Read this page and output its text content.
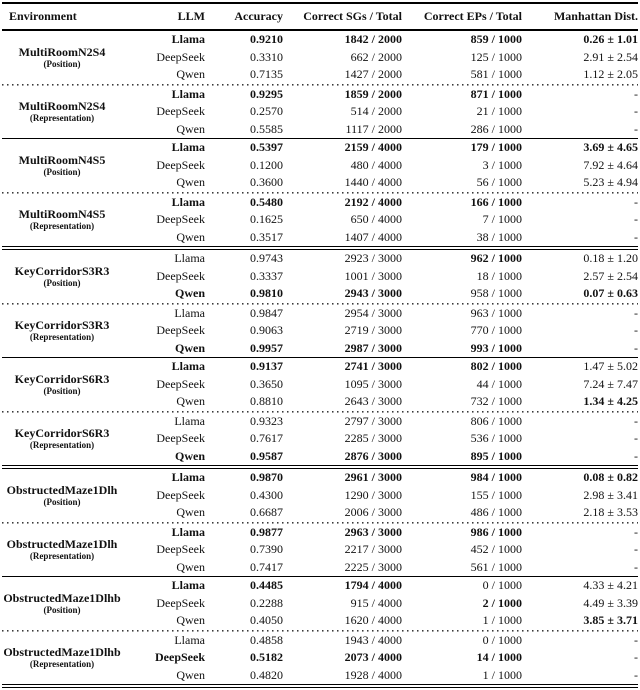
Environment	LLM	Accuracy	Correct SGs / Total	Correct EPs / Total	Manhattan Dist.

MultiRoomN2S4
(Position)	Llama	0.9210	1842 / 2000	859 / 1000	0.26 ± 1.01
	DeepSeek	0.3310	662 / 2000	125 / 1000	2.91 ± 2.54
	Qwen	0.7135	1427 / 2000	581 / 1000	1.12 ± 2.05

MultiRoomN2S4
(Representation)	Llama	0.9295	1859 / 2000	871 / 1000	-
	DeepSeek	0.2570	514 / 2000	21 / 1000	-
	Qwen	0.5585	1117 / 2000	286 / 1000	-

MultiRoomN4S5
(Position)	Llama	0.5397	2159 / 4000	179 / 1000	3.69 ± 4.65
	DeepSeek	0.1200	480 / 4000	3 / 1000	7.92 ± 4.64
	Qwen	0.3600	1440 / 4000	56 / 1000	5.23 ± 4.94

MultiRoomN4S5
(Representation)	Llama	0.5480	2192 / 4000	166 / 1000	-
	DeepSeek	0.1625	650 / 4000	7 / 1000	-
	Qwen	0.3517	1407 / 4000	38 / 1000	-

KeyCorridorS3R3
(Position)	Llama	0.9743	2923 / 3000	962 / 1000	0.18 ± 1.20
	DeepSeek	0.3337	1001 / 3000	18 / 1000	2.57 ± 2.54
	Qwen	0.9810	2943 / 3000	958 / 1000	0.07 ± 0.63

KeyCorridorS3R3
(Representation)	Llama	0.9847	2954 / 3000	963 / 1000	-
	DeepSeek	0.9063	2719 / 3000	770 / 1000	-
	Qwen	0.9957	2987 / 3000	993 / 1000	-

KeyCorridorS6R3
(Position)	Llama	0.9137	2741 / 3000	802 / 1000	1.47 ± 5.02
	DeepSeek	0.3650	1095 / 3000	44 / 1000	7.24 ± 7.47
	Qwen	0.8810	2643 / 3000	732 / 1000	1.34 ± 4.25

KeyCorridorS6R3
(Representation)	Llama	0.9323	2797 / 3000	806 / 1000	-
	DeepSeek	0.7617	2285 / 3000	536 / 1000	-
	Qwen	0.9587	2876 / 3000	895 / 1000	-

ObstructedMaze1Dlh
(Position)	Llama	0.9870	2961 / 3000	984 / 1000	0.08 ± 0.82
	DeepSeek	0.4300	1290 / 3000	155 / 1000	2.98 ± 3.41
	Qwen	0.6687	2006 / 3000	486 / 1000	2.18 ± 3.53

ObstructedMaze1Dlh
(Representation)	Llama	0.9877	2963 / 3000	986 / 1000	-
	DeepSeek	0.7390	2217 / 3000	452 / 1000	-
	Qwen	0.7417	2225 / 3000	561 / 1000	-

ObstructedMaze1Dlhb
(Position)	Llama	0.4485	1794 / 4000	0 / 1000	4.33 ± 4.21
	DeepSeek	0.2288	915 / 4000	2 / 1000	4.49 ± 3.39
	Qwen	0.4050	1620 / 4000	1 / 1000	3.85 ± 3.71

ObstructedMaze1Dlhb
(Representation)	Llama	0.4858	1943 / 4000	0 / 1000	-
	DeepSeek	0.5182	2073 / 4000	14 / 1000	-
	Qwen	0.4820	1928 / 4000	1 / 1000	-
